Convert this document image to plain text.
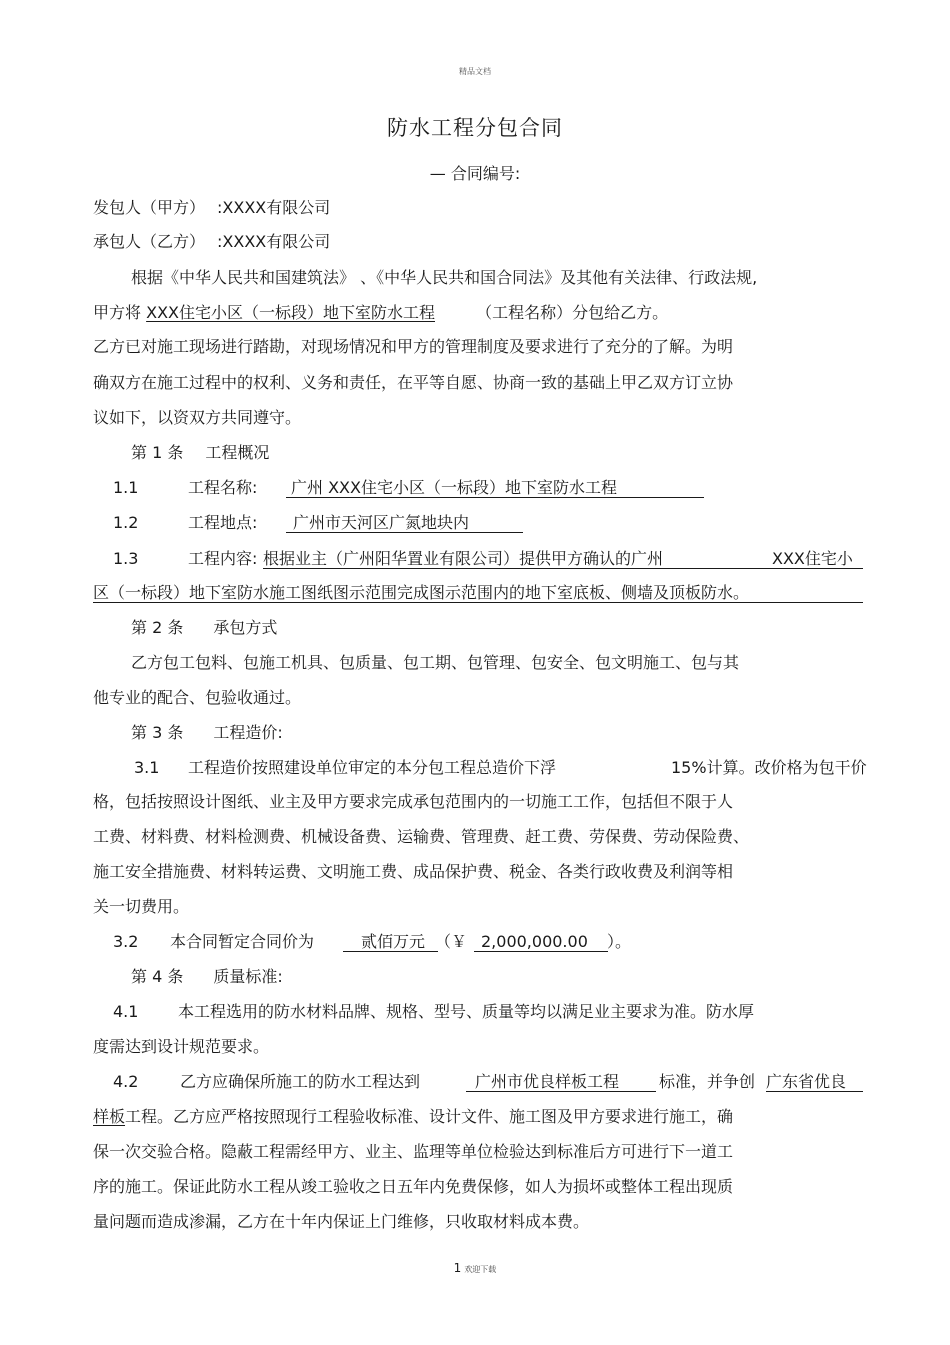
精品文档
防水工程分包合同
— 合同编号:
发包人（甲方） :XXXX有限公司
承包人（乙方） :XXXX有限公司
根据《中华人民共和国建筑法》 、《中华人民共和国合同法》及其他有关法律、行政法规,
甲方将 XXX住宅小区（一标段）地下室防水工程	（工程名称）分包给乙方。
乙方已对施工现场进行踏勘，对现场情况和甲方的管理制度及要求进行了充分的了解。为明
确双方在施工过程中的权利、义务和责任，在平等自愿、协商一致的基础上甲乙双方订立协
议如下，以资双方共同遵守。
第 1 条 工程概况
1.1	工程名称: 广州 XXX住宅小区（一标段）地下室防水工程
1.2	工程地点: 广州市天河区广氮地块内
1.3	工程内容: 根据业主（广州阳华置业有限公司）提供甲方确认的广州	XXX住宅小
区（一标段）地下室防水施工图纸图示范围完成图示范围内的地下室底板、侧墙及顶板防水。
第 2 条 承包方式
乙方包工包料、包施工机具、包质量、包工期、包管理、包安全、包文明施工、包与其
他专业的配合、包验收通过。
第 3 条 工程造价:
3.1 工程造价按照建设单位审定的本分包工程总造价下浮	15%计算。改价格为包干价
格，包括按照设计图纸、业主及甲方要求完成承包范围内的一切施工工作，包括但不限于人
工费、材料费、材料检测费、机械设备费、运输费、管理费、赶工费、劳保费、劳动保险费、
施工安全措施费、材料转运费、文明施工费、成品保护费、税金、各类行政收费及利润等相
关一切费用。
3.2 本合同暂定合同价为	贰佰万元 （￥ 2,000,000.00 ）。
第 4 条 质量标准:
4.1 本工程选用的防水材料品牌、规格、型号、质量等均以满足业主要求为准。防水厚
度需达到设计规范要求。
4.2	乙方应确保所施工的防水工程达到	广州市优良样板工程 标准，并争创 广东省优良
样板工程。乙方应严格按照现行工程验收标准、设计文件、施工图及甲方要求进行施工，确
保一次交验合格。隐蔽工程需经甲方、业主、监理等单位检验达到标准后方可进行下一道工
序的施工。保证此防水工程从竣工验收之日五年内免费保修，如人为损坏或整体工程出现质
量问题而造成渗漏，乙方在十年内保证上门维修，只收取材料成本费。
1 欢迎下载
